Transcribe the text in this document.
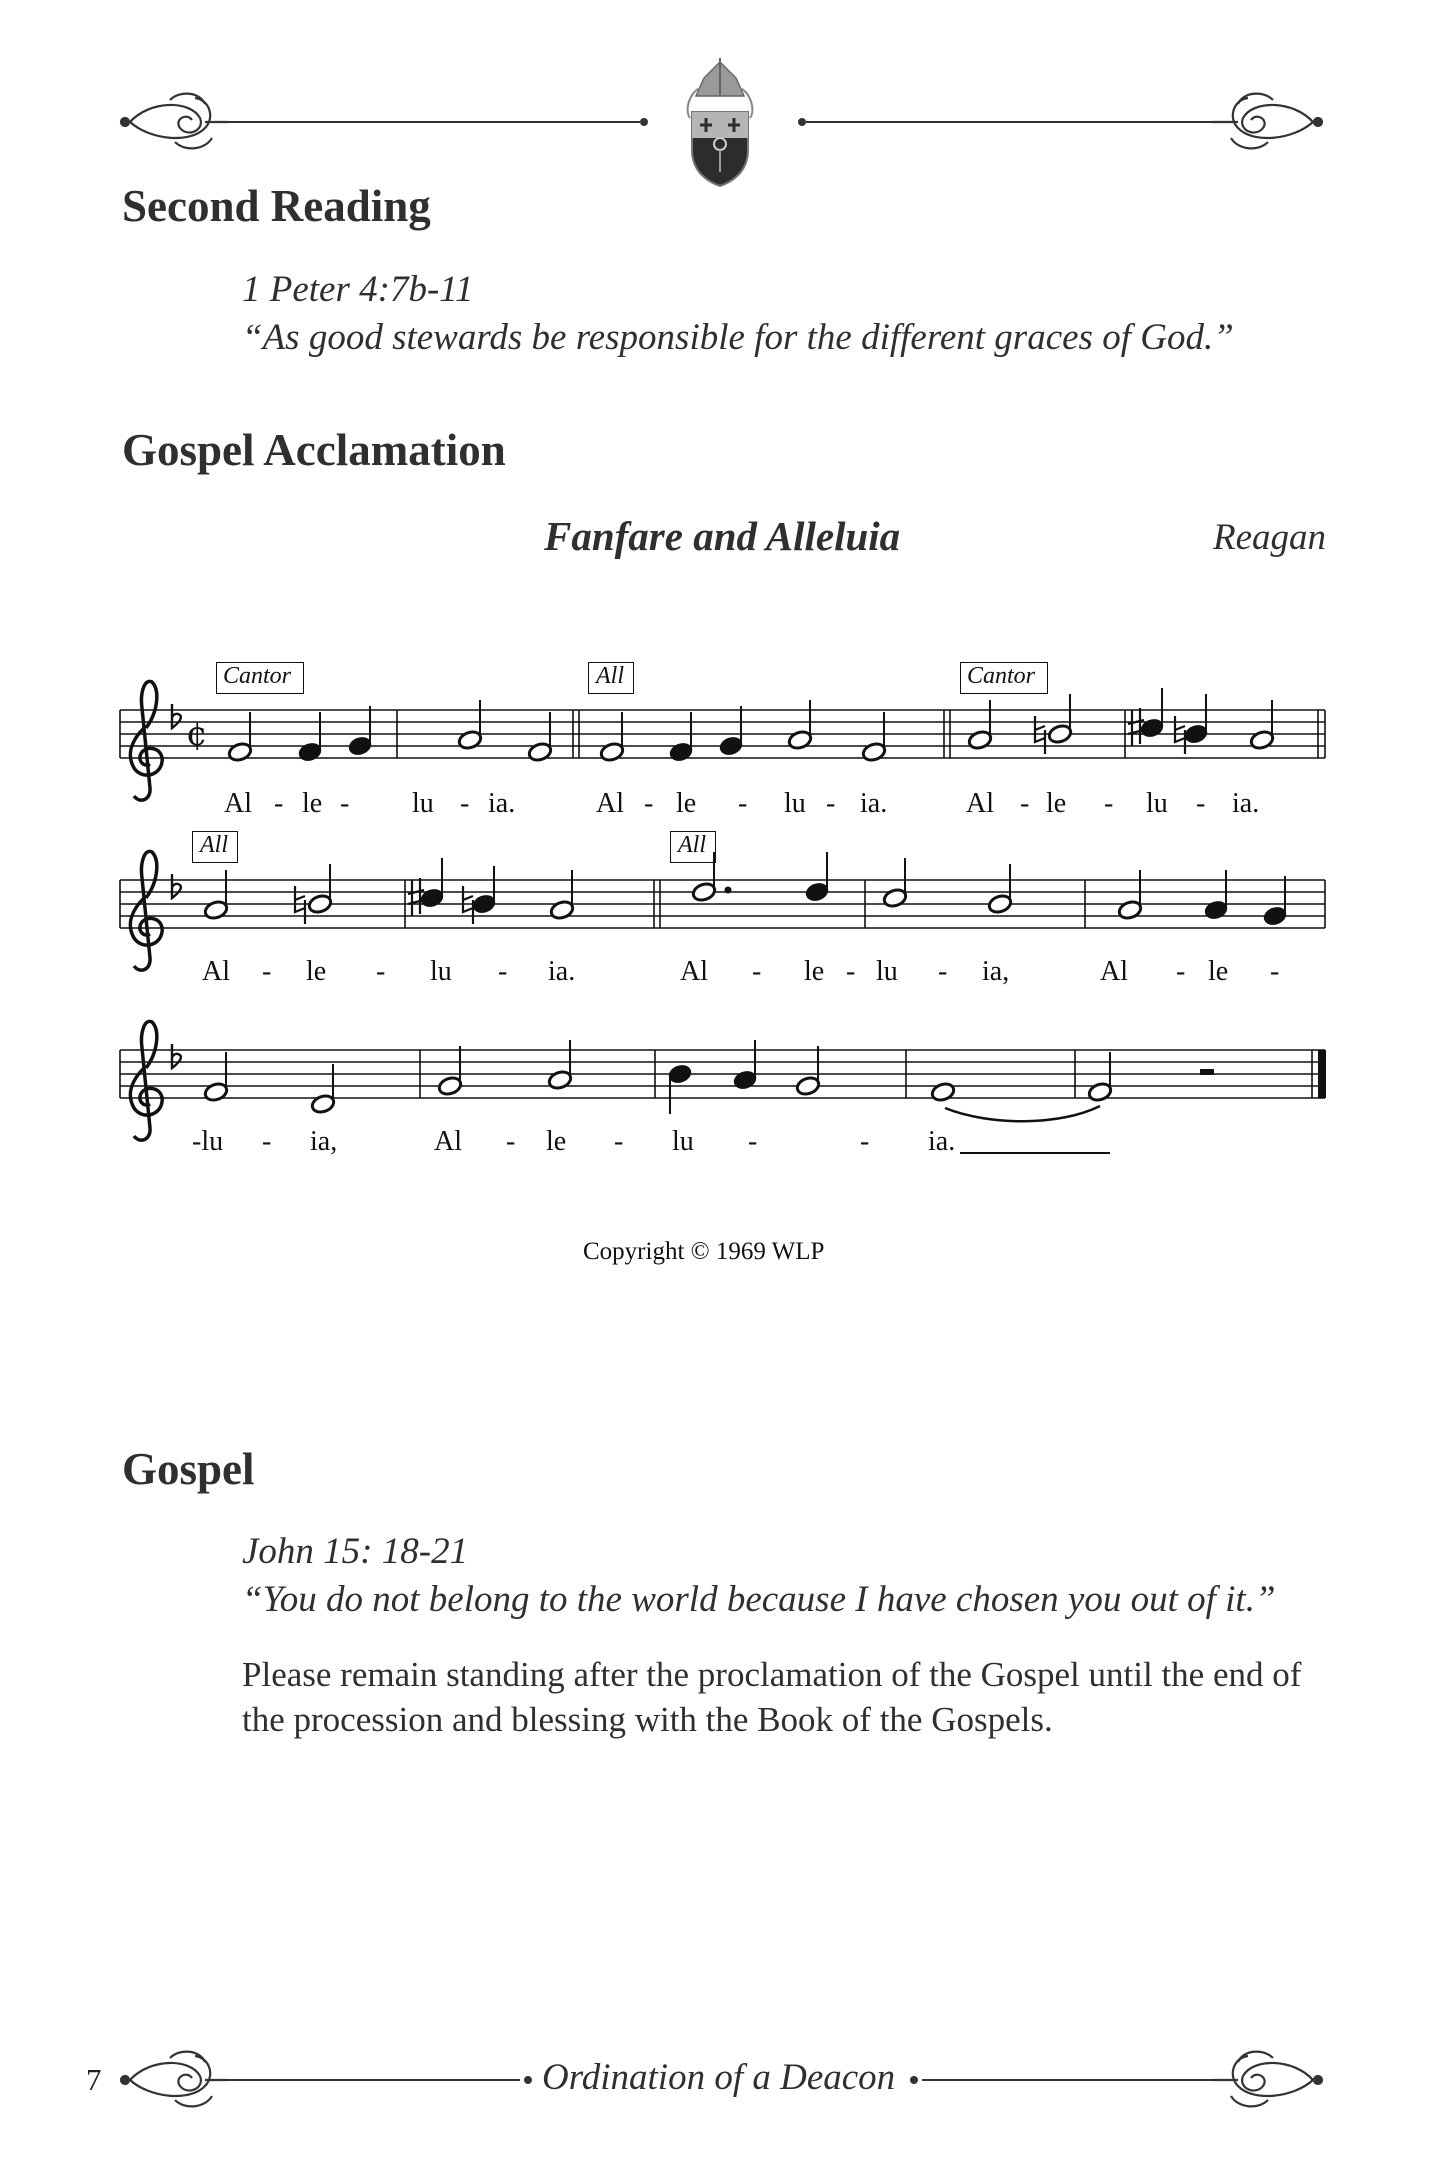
Second Reading
1 Peter 4:7b-11
“As good stewards be responsible for the different graces of God.”
Gospel Acclamation
Fanfare and Alleluia	Reagan
¢
Cantor	All	Cantor
All	All
Al - le - lu - ia.	Al - le - lu - ia.	Al - le - lu - ia.
Al - le - lu - ia.	Al - le - lu - ia,	Al - le -
-lu - ia,	Al - le - lu -	- ia.
Copyright © 1969 WLP
Gospel
John 15: 18-21
“You do not belong to the world because I have chosen you out of it.”
Please remain standing after the proclamation of the Gospel until the end of the procession and blessing with the Book of the Gospels.
7	Ordination of a Deacon
